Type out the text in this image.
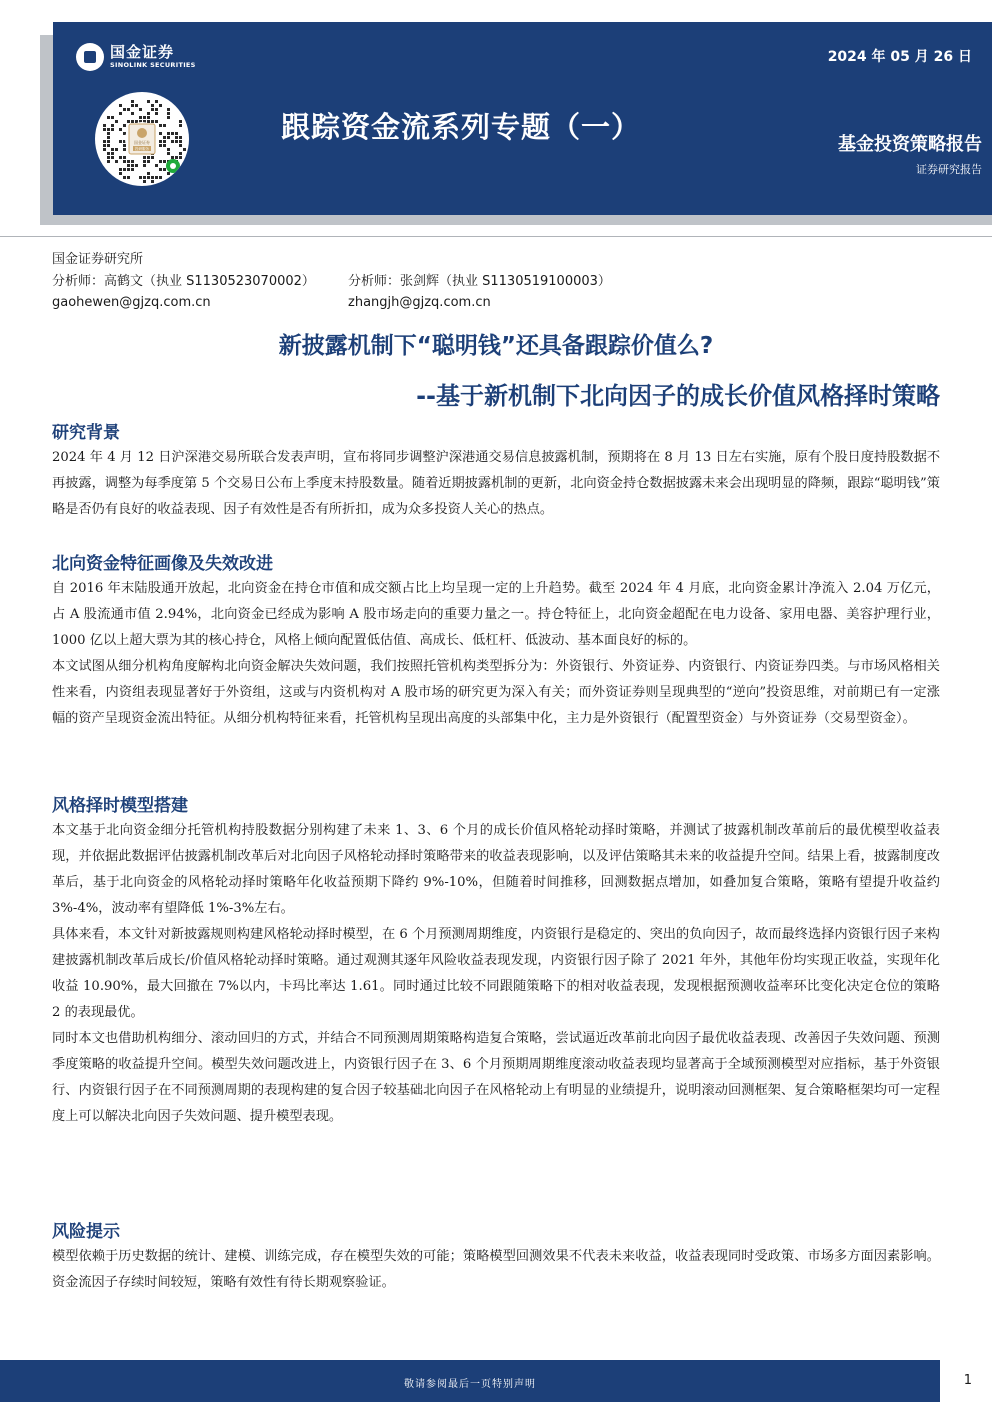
国金证券
SINOLINK SECURITIES
国金证券
投研服务
跟踪资金流系列专题（一）
2024 年 05 月 26 日
基金投资策略报告
证券研究报告
国金证券研究所
分析师：高鹤文（执业 S1130523070002）	分析师：张剑辉（执业 S1130519100003）
gaohewen@gjzq.com.cn	zhangjh@gjzq.com.cn
新披露机制下“聪明钱”还具备跟踪价值么?
--基于新机制下北向因子的成长价值风格择时策略
研究背景
2024 年 4 月 12 日沪深港交易所联合发表声明，宣布将同步调整沪深港通交易信息披露机制，预期将在 8 月 13 日左右实施，原有个股日度持股数据不再披露，调整为每季度第 5 个交易日公布上季度末持股数量。随着近期披露机制的更新，北向资金持仓数据披露未来会出现明显的降频，跟踪“聪明钱”策略是否仍有良好的收益表现、因子有效性是否有所折扣，成为众多投资人关心的热点。
北向资金特征画像及失效改进
自 2016 年末陆股通开放起，北向资金在持仓市值和成交额占比上均呈现一定的上升趋势。截至 2024 年 4 月底，北向资金累计净流入 2.04 万亿元，占 A 股流通市值 2.94%，北向资金已经成为影响 A 股市场走向的重要力量之一。持仓特征上，北向资金超配在电力设备、家用电器、美容护理行业，1000 亿以上超大票为其的核心持仓，风格上倾向配置低估值、高成长、低杠杆、低波动、基本面良好的标的。
本文试图从细分机构角度解构北向资金解决失效问题，我们按照托管机构类型拆分为：外资银行、外资证券、内资银行、内资证券四类。与市场风格相关性来看，内资组表现显著好于外资组，这或与内资机构对 A 股市场的研究更为深入有关；而外资证券则呈现典型的“逆向”投资思维，对前期已有一定涨幅的资产呈现资金流出特征。从细分机构特征来看，托管机构呈现出高度的头部集中化，主力是外资银行（配置型资金）与外资证券（交易型资金）。
风格择时模型搭建
本文基于北向资金细分托管机构持股数据分别构建了未来 1、3、6 个月的成长价值风格轮动择时策略，并测试了披露机制改革前后的最优模型收益表现，并依据此数据评估披露机制改革后对北向因子风格轮动择时策略带来的收益表现影响，以及评估策略其未来的收益提升空间。结果上看，披露制度改革后，基于北向资金的风格轮动择时策略年化收益预期下降约 9%-10%，但随着时间推移，回测数据点增加，如叠加复合策略，策略有望提升收益约 3%-4%，波动率有望降低 1%-3%左右。
具体来看，本文针对新披露规则构建风格轮动择时模型，在 6 个月预测周期维度，内资银行是稳定的、突出的负向因子，故而最终选择内资银行因子来构建披露机制改革后成长/价值风格轮动择时策略。通过观测其逐年风险收益表现发现，内资银行因子除了 2021 年外，其他年份均实现正收益，实现年化收益 10.90%，最大回撤在 7%以内，卡玛比率达 1.61。同时通过比较不同跟随策略下的相对收益表现，发现根据预测收益率环比变化决定仓位的策略 2 的表现最优。
同时本文也借助机构细分、滚动回归的方式，并结合不同预测周期策略构造复合策略，尝试逼近改革前北向因子最优收益表现、改善因子失效问题、预测季度策略的收益提升空间。模型失效问题改进上，内资银行因子在 3、6 个月预期周期维度滚动收益表现均显著高于全域预测模型对应指标，基于外资银行、内资银行因子在不同预测周期的表现构建的复合因子较基础北向因子在风格轮动上有明显的业绩提升，说明滚动回测框架、复合策略框架均可一定程度上可以解决北向因子失效问题、提升模型表现。
风险提示
模型依赖于历史数据的统计、建模、训练完成，存在模型失效的可能；策略模型回测效果不代表未来收益，收益表现同时受政策、市场多方面因素影响。资金流因子存续时间较短，策略有效性有待长期观察验证。
敬请参阅最后一页特别声明	1
